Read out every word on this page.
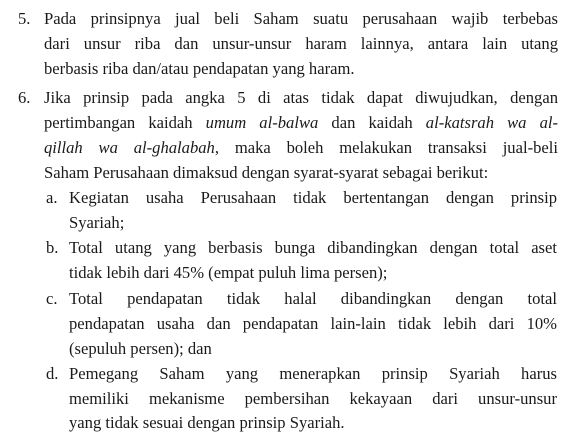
5. Pada prinsipnya jual beli Saham suatu perusahaan wajib terbebas
dari unsur riba dan unsur-unsur haram lainnya, antara lain utang
berbasis riba dan/atau pendapatan yang haram.
6. Jika prinsip pada angka 5 di atas tidak dapat diwujudkan, dengan
pertimbangan kaidah umum al-balwa dan kaidah al-katsrah wa al-
qillah wa al-ghalabah, maka boleh melakukan transaksi jual-beli
Saham Perusahaan dimaksud dengan syarat-syarat sebagai berikut:
a. Kegiatan usaha Perusahaan tidak bertentangan dengan prinsip
Syariah;
b. Total utang yang berbasis bunga dibandingkan dengan total aset
tidak lebih dari 45% (empat puluh lima persen);
c. Total pendapatan tidak halal dibandingkan dengan total
pendapatan usaha dan pendapatan lain-lain tidak lebih dari 10%
(sepuluh persen); dan
d. Pemegang Saham yang menerapkan prinsip Syariah harus
memiliki mekanisme pembersihan kekayaan dari unsur-unsur
yang tidak sesuai dengan prinsip Syariah.
